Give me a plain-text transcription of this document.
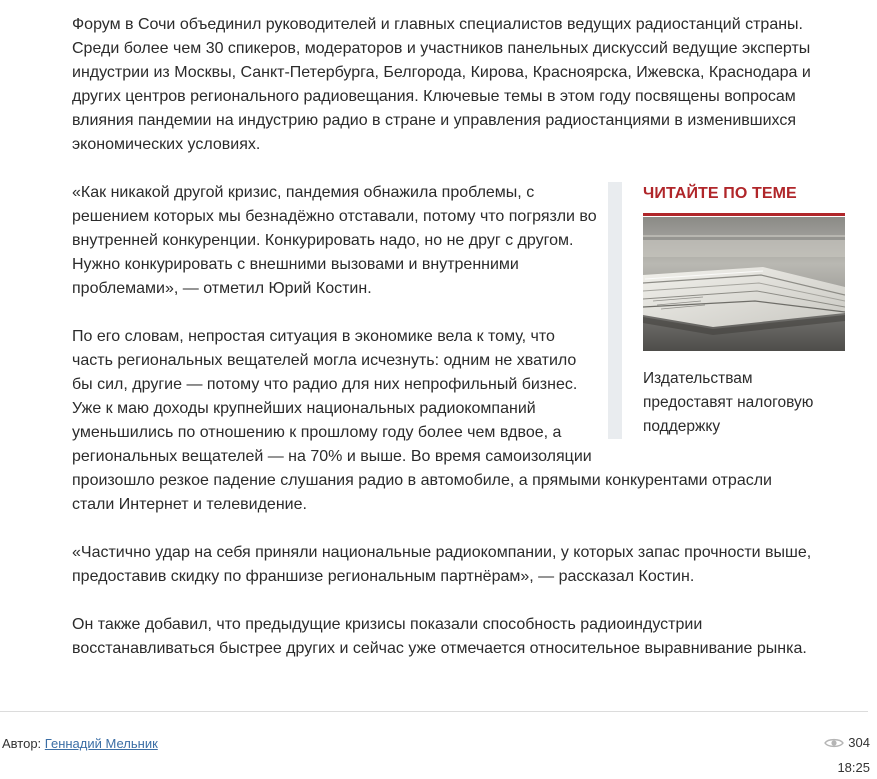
Форум в Сочи объединил руководителей и главных специалистов ведущих радиостанций страны. Среди более чем 30 спикеров, модераторов и участников панельных дискуссий ведущие эксперты индустрии из Москвы, Санкт-Петербурга, Белгорода, Кирова, Красноярска, Ижевска, Краснодара и других центров регионального радиовещания. Ключевые темы в этом году посвящены вопросам влияния пандемии на индустрию радио в стране и управления радиостанциями в изменившихся экономических условиях.

«Как никакой другой кризис, пандемия обнажила проблемы, с решением которых мы безнадёжно отставали, потому что погрязли во внутренней конкуренции. Конкурировать надо, но не друг с другом. Нужно конкурировать с внешними вызовами и внутренними проблемами», — отметил Юрий Костин.

По его словам, непростая ситуация в экономике вела к тому, что часть региональных вещателей могла исчезнуть: одним не хватило бы сил, другие — потому что радио для них непрофильный бизнес. Уже к маю доходы крупнейших национальных радиокомпаний уменьшились по отношению к прошлому году более чем вдвое, а региональных вещателей — на 70% и выше. Во время самоизоляции

произошло резкое падение слушания радио в автомобиле, а прямыми конкурентами отрасли стали Интернет и телевидение.

«Частично удар на себя приняли национальные радиокомпании, у которых запас прочности выше, предоставив скидку по франшизе региональным партнёрам», — рассказал Костин.

Он также добавил, что предыдущие кризисы показали способность радиоиндустрии восстанавливаться быстрее других и сейчас уже отмечается относительное выравнивание рынка.

ЧИТАЙТЕ ПО ТЕМЕ
Издательствам предоставят налоговую поддержку
Автор: Геннадий Мельник	304
18:25
